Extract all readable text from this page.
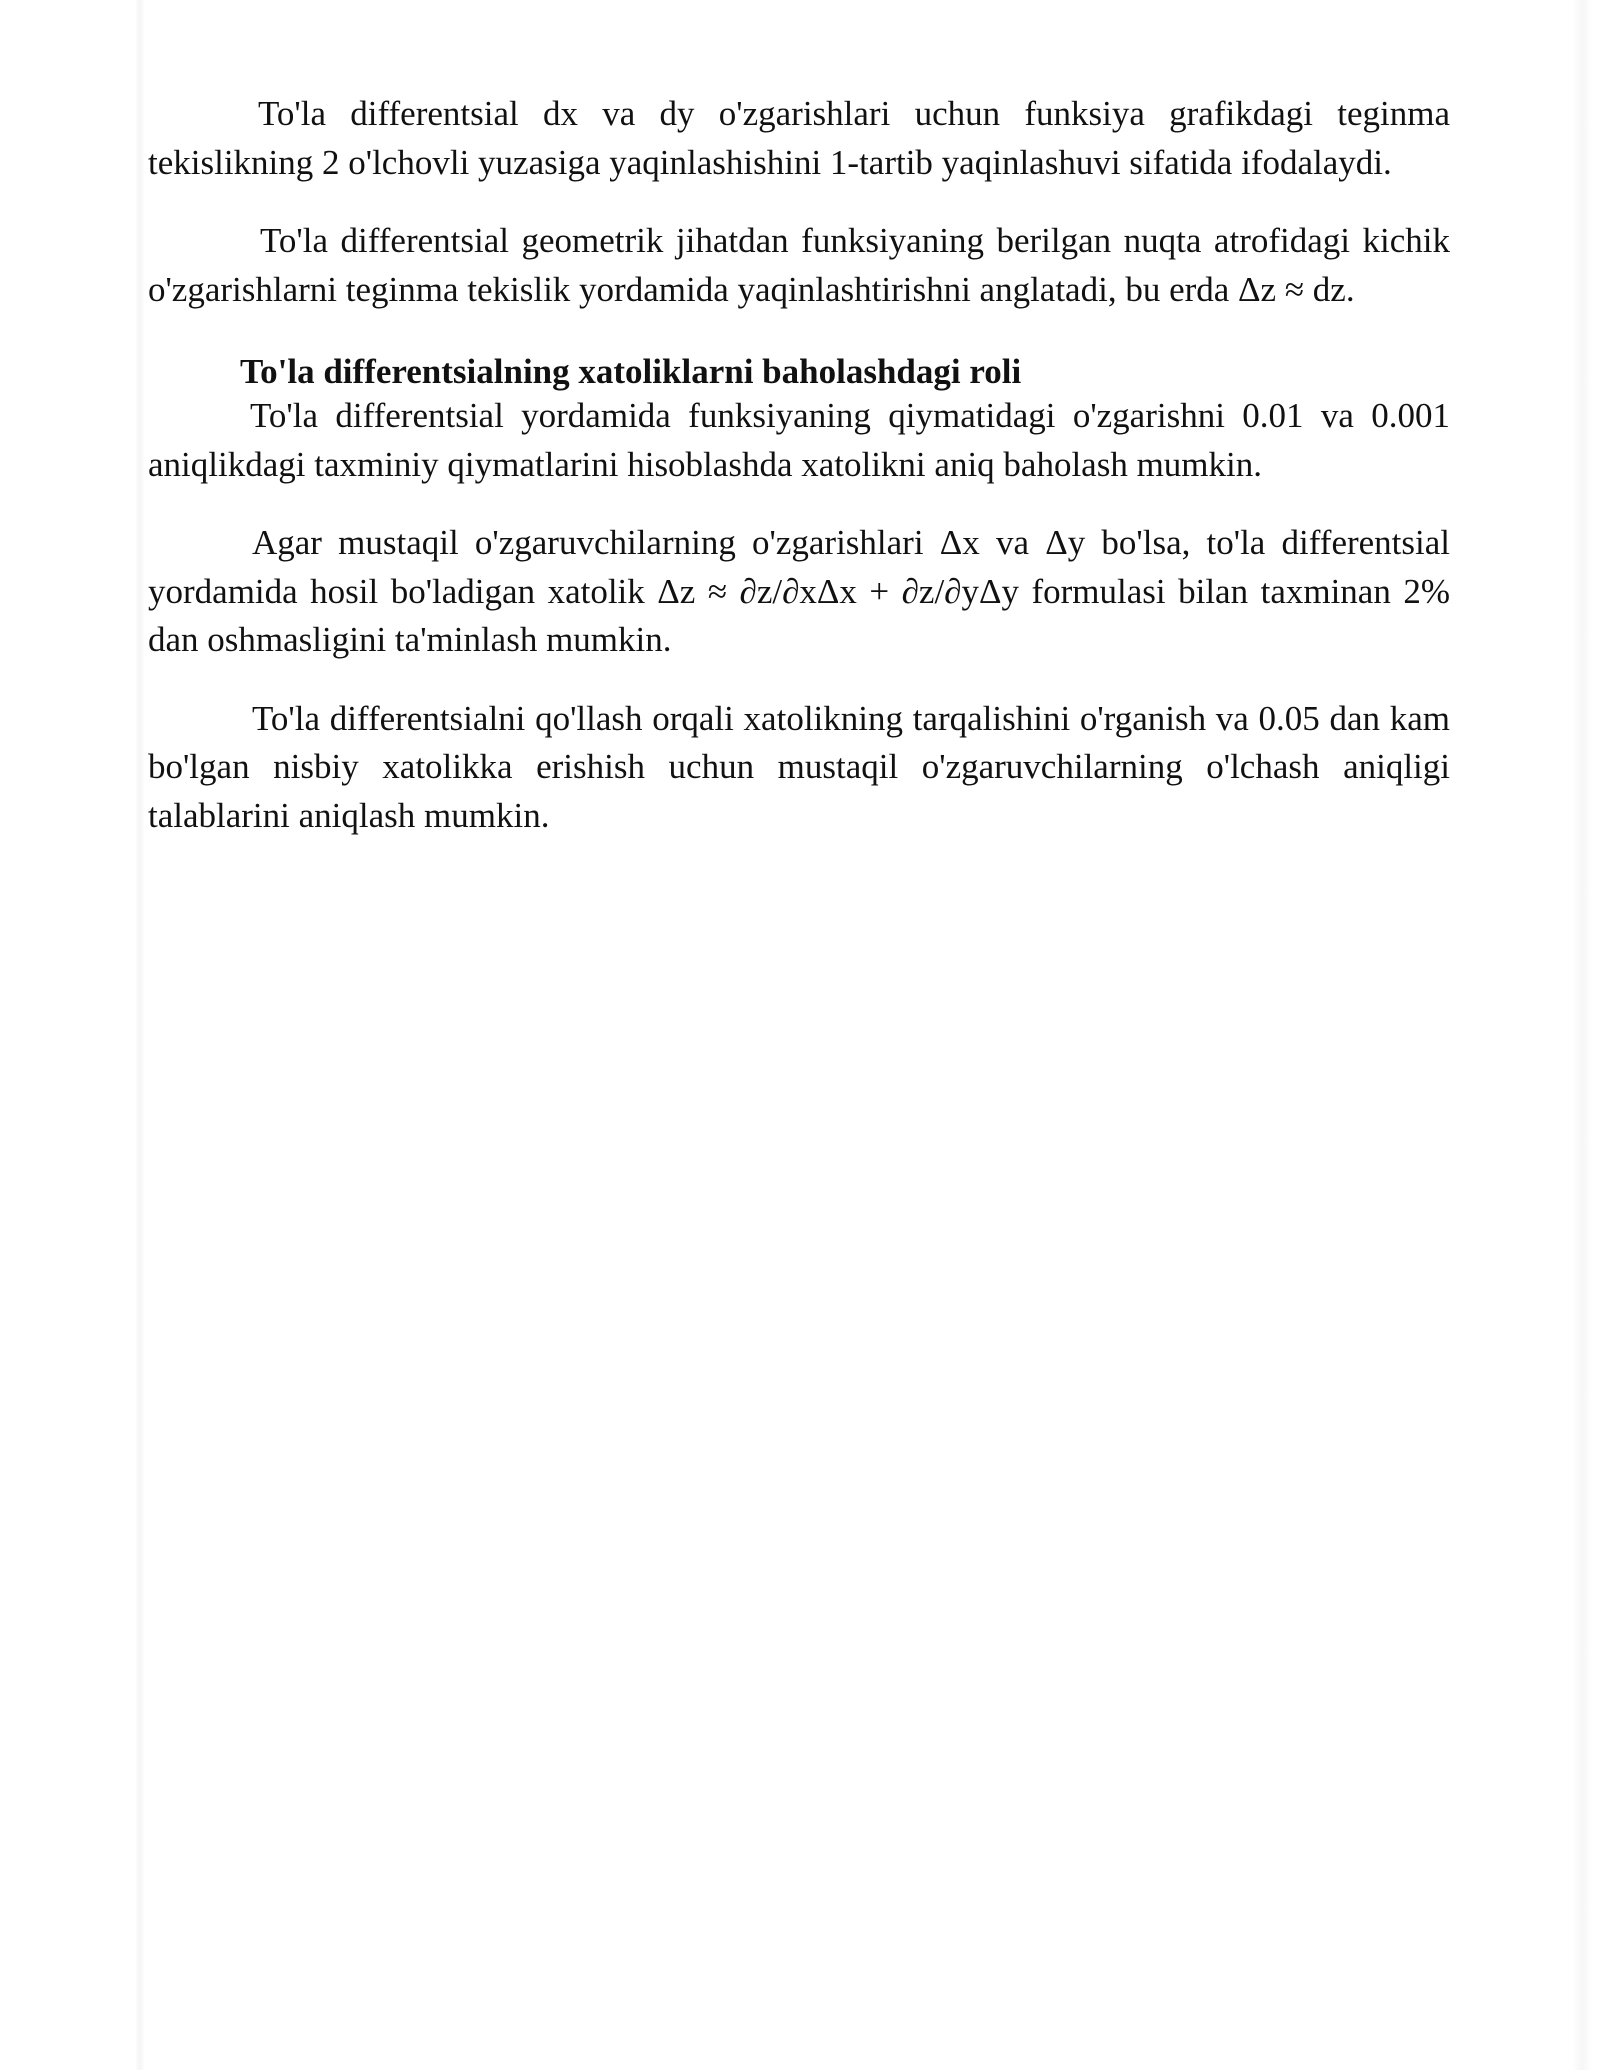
To'la differentsial dx va dy o'zgarishlari uchun funksiya grafikdagi teginma tekislikning 2 o'lchovli yuzasiga yaqinlashishini 1-tartib yaqinlashuvi sifatida ifodalaydi.

To'la differentsial geometrik jihatdan funksiyaning berilgan nuqta atrofidagi kichik o'zgarishlarni teginma tekislik yordamida yaqinlashtirishni anglatadi, bu erda Δz ≈ dz.

To'la differentsialning xatoliklarni baholashdagi roli

To'la differentsial yordamida funksiyaning qiymatidagi o'zgarishni 0.01 va 0.001 aniqlikdagi taxminiy qiymatlarini hisoblashda xatolikni aniq baholash mumkin.

Agar mustaqil o'zgaruvchilarning o'zgarishlari Δx va Δy bo'lsa, to'la differentsial yordamida hosil bo'ladigan xatolik Δz ≈ ∂z/∂xΔx + ∂z/∂yΔy formulasi bilan taxminan 2% dan oshmasligini ta'minlash mumkin.

To'la differentsialni qo'llash orqali xatolikning tarqalishini o'rganish va 0.05 dan kam bo'lgan nisbiy xatolikka erishish uchun mustaqil o'zgaruvchilarning o'lchash aniqligi talablarini aniqlash mumkin.
